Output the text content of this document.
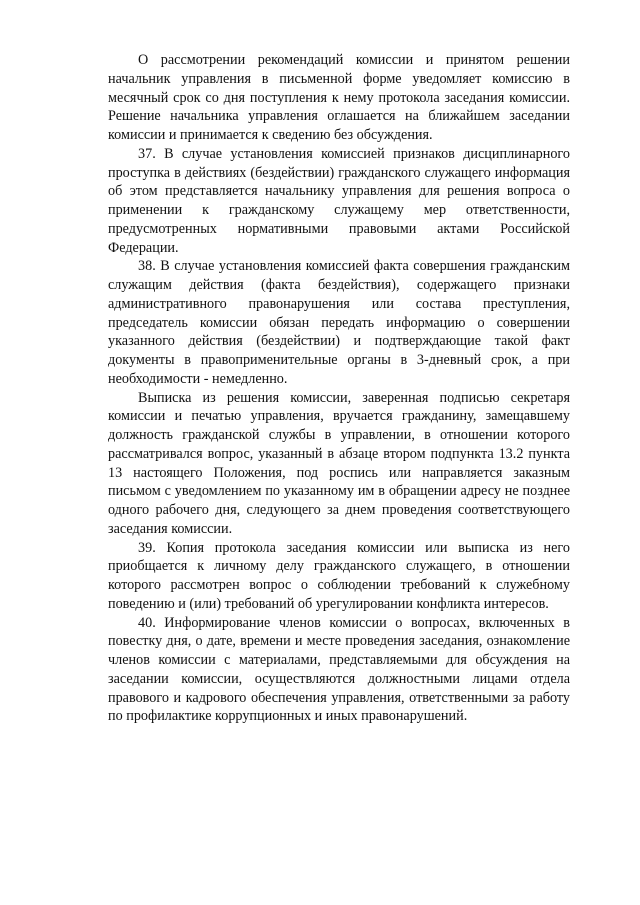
О рассмотрении рекомендаций комиссии и принятом решении начальник управления в письменной форме уведомляет комиссию в месячный срок со дня поступления к нему протокола заседания комиссии. Решение начальника управления оглашается на ближайшем заседании комиссии и принимается к сведению без обсуждения.

37. В случае установления комиссией признаков дисциплинарного проступка в действиях (бездействии) гражданского служащего информация об этом представляется начальнику управления для решения вопроса о применении к гражданскому служащему мер ответственности, предусмотренных нормативными правовыми актами Российской Федерации.

38. В случае установления комиссией факта совершения гражданским служащим действия (факта бездействия), содержащего признаки административного правонарушения или состава преступления, председатель комиссии обязан передать информацию о совершении указанного действия (бездействии) и подтверждающие такой факт документы в правоприменительные органы в 3-дневный срок, а при необходимости - немедленно.

Выписка из решения комиссии, заверенная подписью секретаря комиссии и печатью управления, вручается гражданину, замещавшему должность гражданской службы в управлении, в отношении которого рассматривался вопрос, указанный в абзаце втором подпункта 13.2 пункта 13 настоящего Положения, под роспись или направляется заказным письмом с уведомлением по указанному им в обращении адресу не позднее одного рабочего дня, следующего за днем проведения соответствующего заседания комиссии.

39. Копия протокола заседания комиссии или выписка из него приобщается к личному делу гражданского служащего, в отношении которого рассмотрен вопрос о соблюдении требований к служебному поведению и (или) требований об урегулировании конфликта интересов.

40. Информирование членов комиссии о вопросах, включенных в повестку дня, о дате, времени и месте проведения заседания, ознакомление членов комиссии с материалами, представляемыми для обсуждения на заседании комиссии, осуществляются должностными лицами отдела правового и кадрового обеспечения управления, ответственными за работу по профилактике коррупционных и иных правонарушений.
